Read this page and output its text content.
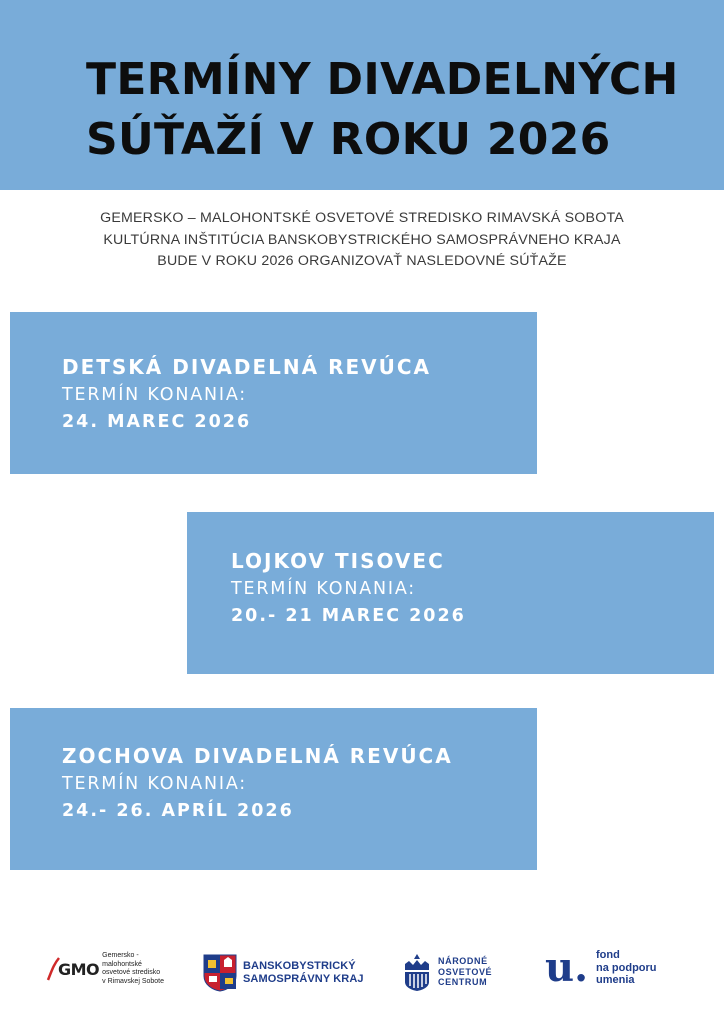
TERMÍNY DIVADELNÝCH
SÚŤAŽÍ V ROKU 2026
GEMERSKO – MALOHONTSKÉ OSVETOVÉ STREDISKO RIMAVSKÁ SOBOTA
KULTÚRNA INŠTITÚCIA BANSKOBYSTRICKÉHO SAMOSPRÁVNEHO KRAJA
BUDE V ROKU 2026 ORGANIZOVAŤ NASLEDOVNÉ SÚŤAŽE
DETSKÁ DIVADELNÁ REVÚCA
TERMÍN KONANIA:
24. MAREC 2026
LOJKOV TISOVEC
TERMÍN KONANIA:
20.- 21 MAREC 2026
ZOCHOVA DIVADELNÁ REVÚCA
TERMÍN KONANIA:
24.- 26. APRÍL 2026
GMO
Gemersko - malohontské
osvetové stredisko
v Rimavskej Sobote
BANSKOBYSTRICKÝ
SAMOSPRÁVNY KRAJ
NÁRODNÉ
OSVETOVÉ
CENTRUM u. fond
na podporu
umenia
